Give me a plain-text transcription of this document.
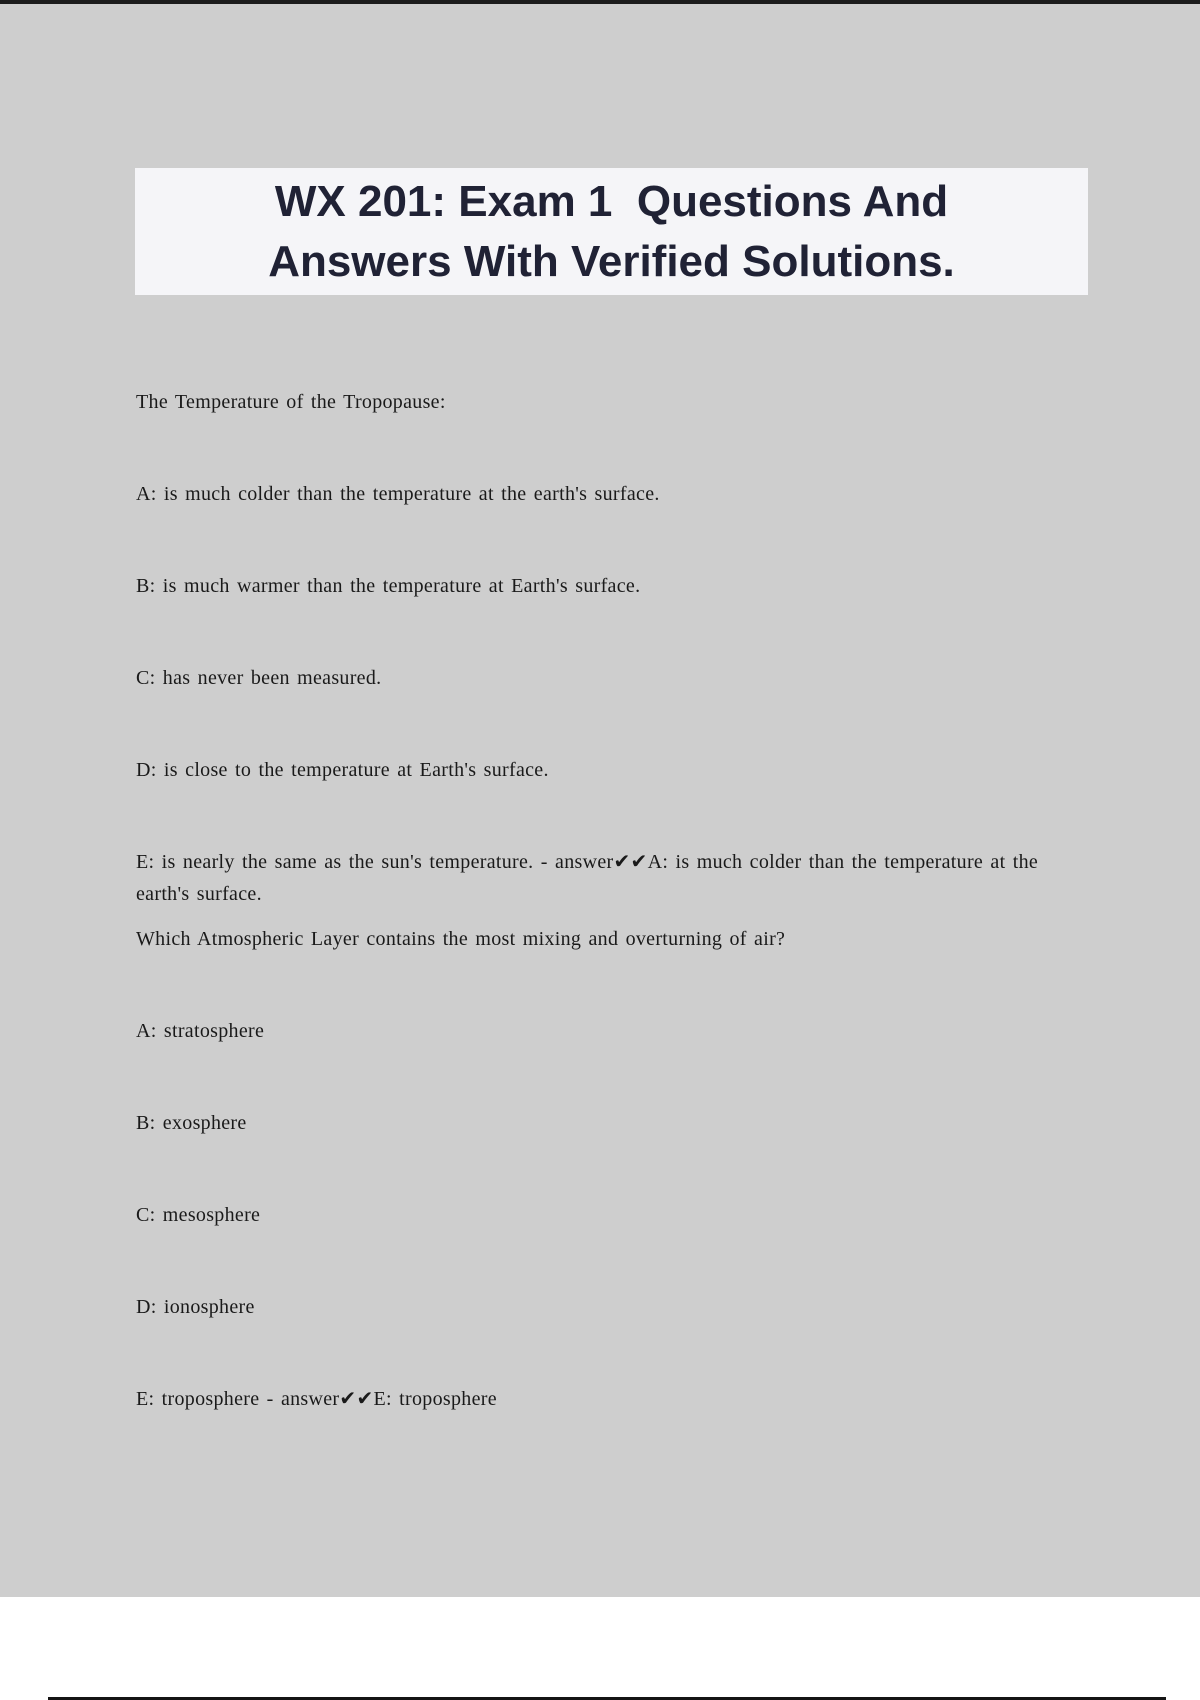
WX 201: Exam 1  Questions And
Answers With Verified Solutions.

The Temperature of the Tropopause:

A: is much colder than the temperature at the earth's surface.

B: is much warmer than the temperature at Earth's surface.

C: has never been measured.

D: is close to the temperature at Earth's surface.

E: is nearly the same as the sun's temperature. - answer✔✔A: is much colder than the temperature at the earth's surface.

Which Atmospheric Layer contains the most mixing and overturning of air?

A: stratosphere

B: exosphere

C: mesosphere

D: ionosphere

E: troposphere - answer✔✔E: troposphere
